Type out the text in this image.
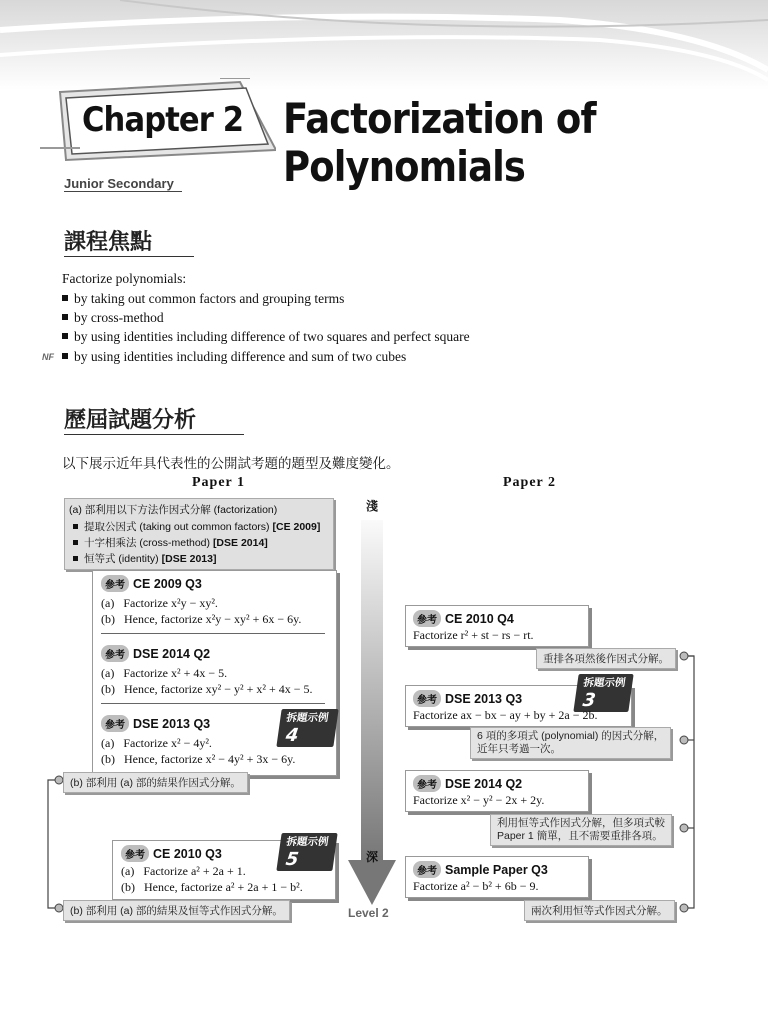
Chapter 2
Junior Secondary
Factorization of
Polynomials
課程焦點
Factorize polynomials:
by taking out common factors and grouping terms
by cross-method
by using identities including difference of two squares and perfect square
by using identities including difference and sum of two cubes
NF
歷屆試題分析
以下展示近年具代表性的公開試考題的題型及難度變化。
Paper 1	Paper 2
淺
深
Level 2
(a) 部利用以下方法作因式分解 (factorization)
提取公因式 (taking out common factors) [CE 2009]
十字相乘法 (cross-method) [DSE 2014]
恒等式 (identity) [DSE 2013]
參考 CE 2009 Q3
(a) Factorize x²y − xy².
(b) Hence, factorize x²y − xy² + 6x − 6y.
參考 DSE 2014 Q2
(a) Factorize x² + 4x − 5.
(b) Hence, factorize xy² − y² + x² + 4x − 5.
參考 DSE 2013 Q3	拆題示例4
(a) Factorize x² − 4y².
(b) Hence, factorize x² − 4y² + 3x − 6y.
(b) 部利用 (a) 部的結果作因式分解。
參考 CE 2010 Q3
拆題示例5
(a) Factorize a² + 2a + 1.
(b) Hence, factorize a² + 2a + 1 − b².
(b) 部利用 (a) 部的結果及恒等式作因式分解。
參考 CE 2010 Q4
Factorize r² + st − rs − rt.
重排各項然後作因式分解。
參考 DSE 2013 Q3
拆題示例3
Factorize ax − bx − ay + by + 2a − 2b.
6 項的多項式 (polynomial) 的因式分解，
近年只考過一次。
參考 DSE 2014 Q2
Factorize x² − y² − 2x + 2y.
利用恒等式作因式分解，但多項式較
Paper 1 簡單，且不需要重排各項。
參考 Sample Paper Q3
Factorize a² − b² + 6b − 9.
兩次利用恒等式作因式分解。
